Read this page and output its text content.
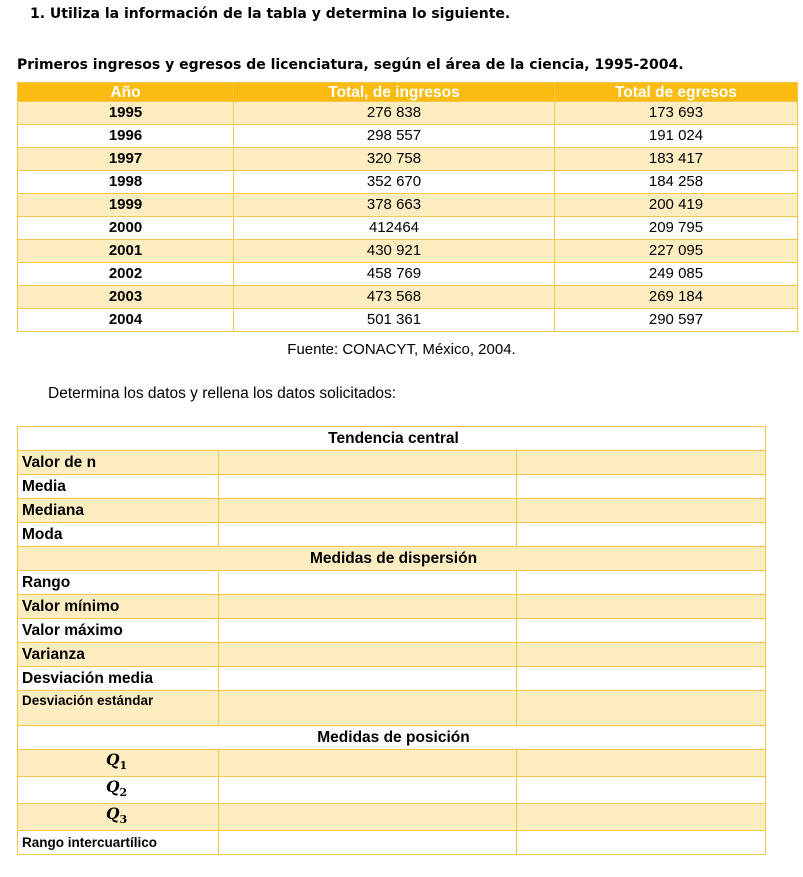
1. Utiliza la información de la tabla y determina lo siguiente.
Primeros ingresos y egresos de licenciatura, según el área de la ciencia, 1995-2004.
Año	Total, de ingresos	Total de egresos
1995	276 838	173 693
1996	298 557	191 024
1997	320 758	183 417
1998	352 670	184 258
1999	378 663	200 419
2000	412464	209 795
2001	430 921	227 095
2002	458 769	249 085
2003	473 568	269 184
2004	501 361	290 597
Fuente: CONACYT, México, 2004.
Determina los datos y rellena los datos solicitados:
Tendencia central		
Valor de n		
Media		
Mediana		
Moda		
Medidas de dispersión		
Rango		
Valor mínimo		
Valor máximo		
Varianza		
Desviación media		
Desviación estándar		
Medidas de posición		
$Q_1$		
$Q_2$		
$Q_3$		
Rango intercuartílico		
